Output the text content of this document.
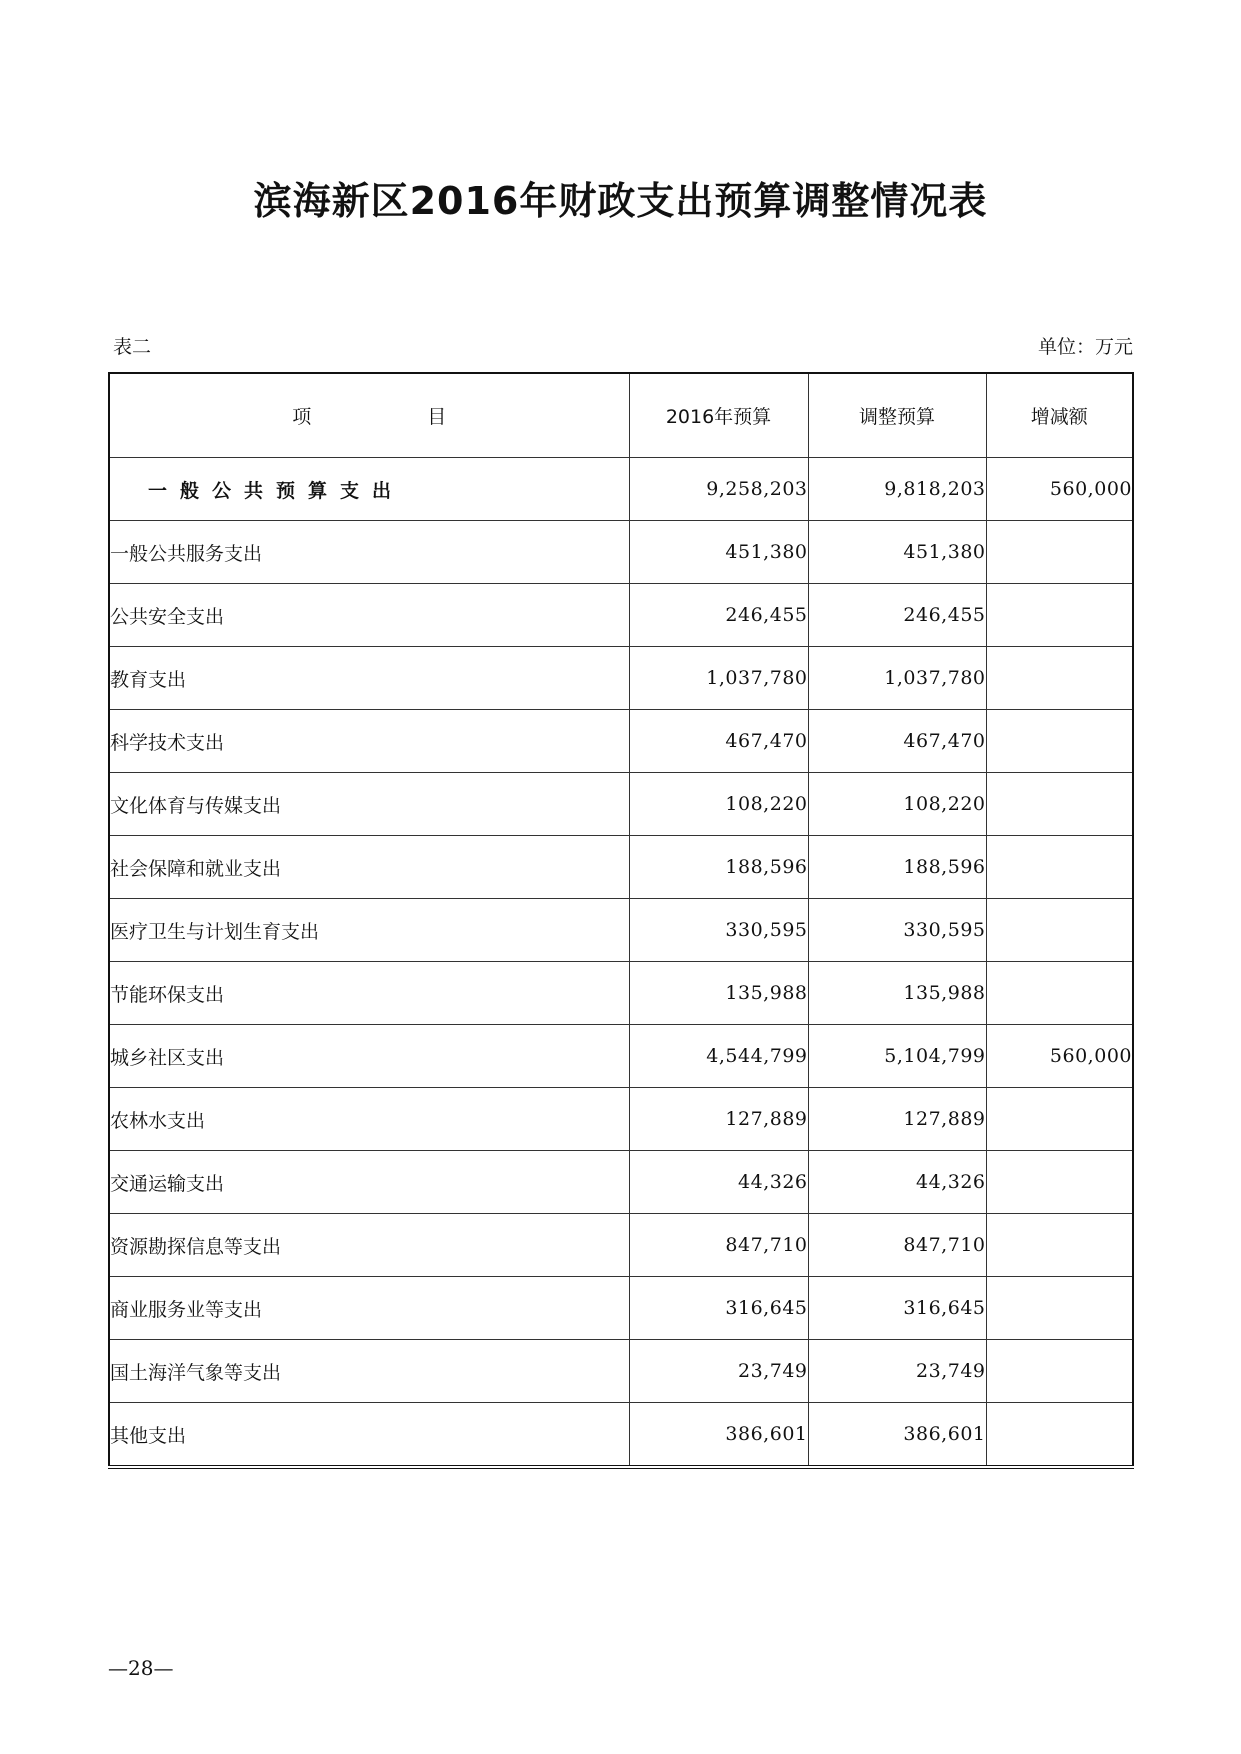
滨海新区2016年财政支出预算调整情况表
表二	单位：万元
项 目	2016年预算	调整预算	增减额
一般公共预算支出	9,258,203	9,818,203	560,000
一般公共服务支出	451,380	451,380	
公共安全支出	246,455	246,455	
教育支出	1,037,780	1,037,780	
科学技术支出	467,470	467,470	
文化体育与传媒支出	108,220	108,220	
社会保障和就业支出	188,596	188,596	
医疗卫生与计划生育支出	330,595	330,595	
节能环保支出	135,988	135,988	
城乡社区支出	4,544,799	5,104,799	560,000
农林水支出	127,889	127,889	
交通运输支出	44,326	44,326	
资源勘探信息等支出	847,710	847,710	
商业服务业等支出	316,645	316,645	
国土海洋气象等支出	23,749	23,749	
其他支出	386,601	386,601	
—28—
